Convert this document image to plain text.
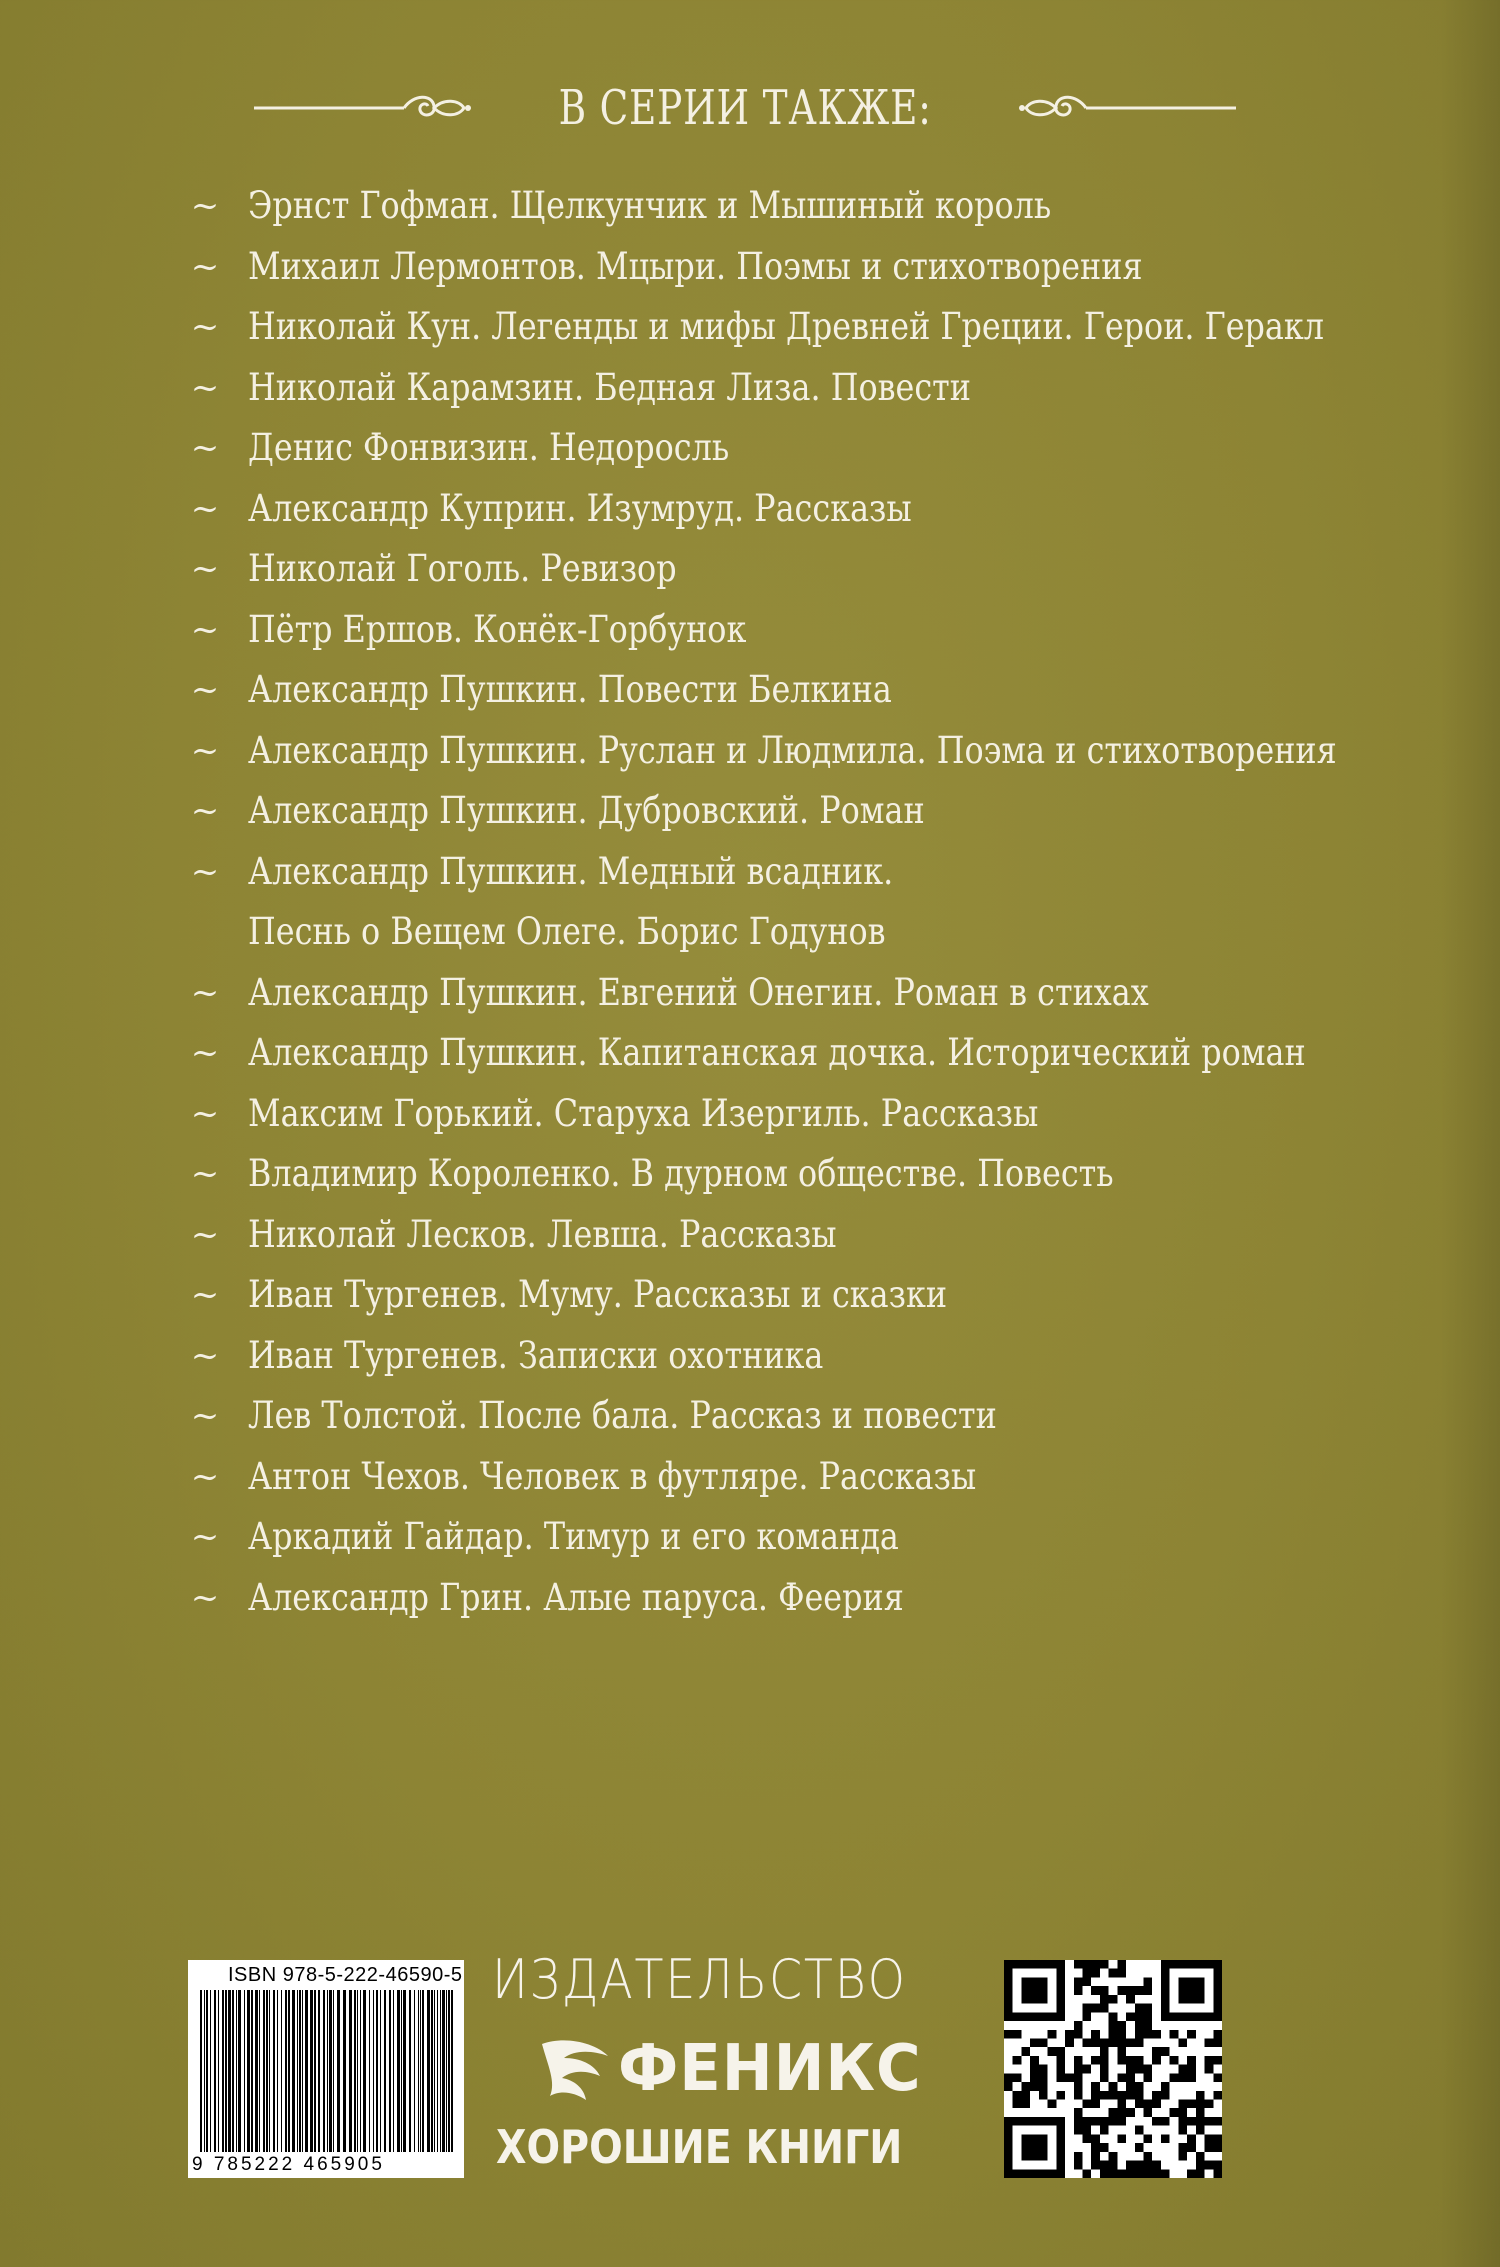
В СЕРИИ ТАКЖЕ:
~ Эрнст Гофман. Щелкунчик и Мышиный король
~ Михаил Лермонтов. Мцыри. Поэмы и стихотворения
~ Николай Кун. Легенды и мифы Древней Греции. Герои. Геракл
~ Николай Карамзин. Бедная Лиза. Повести
~ Денис Фонвизин. Недоросль
~ Александр Куприн. Изумруд. Рассказы
~ Николай Гоголь. Ревизор
~ Пётр Ершов. Конёк-Горбунок
~ Александр Пушкин. Повести Белкина
~ Александр Пушкин. Руслан и Людмила. Поэма и стихотворения
~ Александр Пушкин. Дубровский. Роман
~ Александр Пушкин. Медный всадник.
Песнь о Вещем Олеге. Борис Годунов
~ Александр Пушкин. Евгений Онегин. Роман в стихах
~ Александр Пушкин. Капитанская дочка. Исторический роман
~ Максим Горький. Старуха Изергиль. Рассказы
~ Владимир Короленко. В дурном обществе. Повесть
~ Николай Лесков. Левша. Рассказы
~ Иван Тургенев. Муму. Рассказы и сказки
~ Иван Тургенев. Записки охотника
~ Лев Толстой. После бала. Рассказ и повести
~ Антон Чехов. Человек в футляре. Рассказы
~ Аркадий Гайдар. Тимур и его команда
~ Александр Грин. Алые паруса. Феерия
ISBN 978-5-222-46590-5
9 785222 465905
ИЗДАТЕЛЬСТВО
ФЕНИКС
ХОРОШИЕ КНИГИ
